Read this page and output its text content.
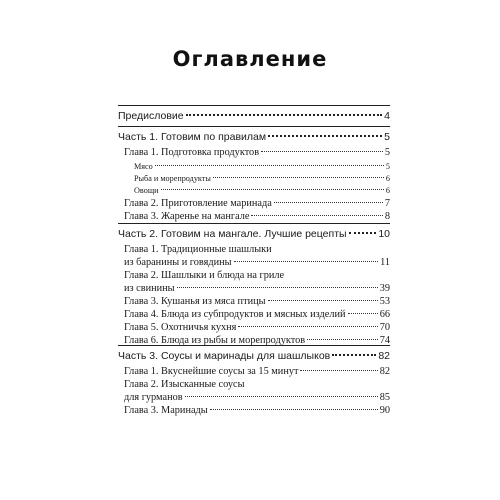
Оглавление
Предисловие	4
Часть 1. Готовим по правилам	5
Глава 1. Подготовка продуктов	5
Мясо	5
Рыба и морепродукты	6
Овощи	6
Глава 2. Приготовление маринада	7
Глава 3. Жаренье на мангале	8
Часть 2. Готовим на мангале. Лучшие рецепты	10
Глава 1. Традиционные шашлыки
из баранины и говядины	11
Глава 2. Шашлыки и блюда на гриле
из свинины	39
Глава 3. Кушанья из мяса птицы	53
Глава 4. Блюда из субпродуктов и мясных изделий	66
Глава 5. Охотничья кухня	70
Глава 6. Блюда из рыбы и морепродуктов	74
Часть 3. Соусы и маринады для шашлыков	82
Глава 1. Вкуснейшие соусы за 15 минут	82
Глава 2. Изысканные соусы
для гурманов	85
Глава 3. Маринады	90
